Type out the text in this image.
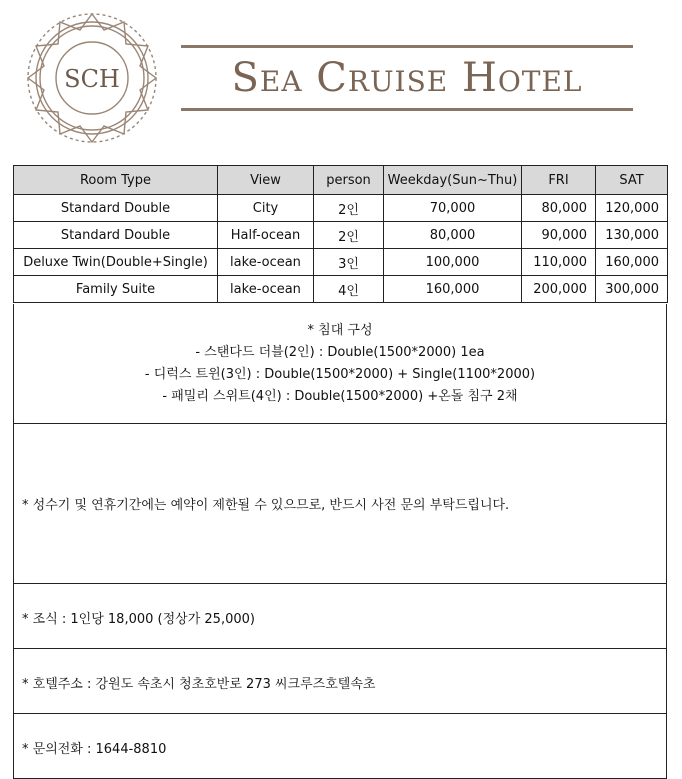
SCH	Sea Cruise Hotel
Room Type	View	person	Weekday(Sun~Thu)	FRI	SAT
Standard Double	City	2인	70,000	80,000	120,000
Standard Double	Half-ocean	2인	80,000	90,000	130,000
Deluxe Twin(Double+Single)	lake-ocean	3인	100,000	110,000	160,000
Family Suite	lake-ocean	4인	160,000	200,000	300,000
* 침대 구성
- 스탠다드 더블(2인) : Double(1500*2000) 1ea
- 디럭스 트윈(3인) : Double(1500*2000) + Single(1100*2000)
- 패밀리 스위트(4인) : Double(1500*2000) +온돌 침구 2채
* 성수기 및 연휴기간에는 예약이 제한될 수 있으므로, 반드시 사전 문의 부탁드립니다.
* 조식 : 1인당 18,000 (정상가 25,000)
* 호텔주소 : 강원도 속초시 청초호반로 273 씨크루즈호텔속초
* 문의전화 : 1644-8810
